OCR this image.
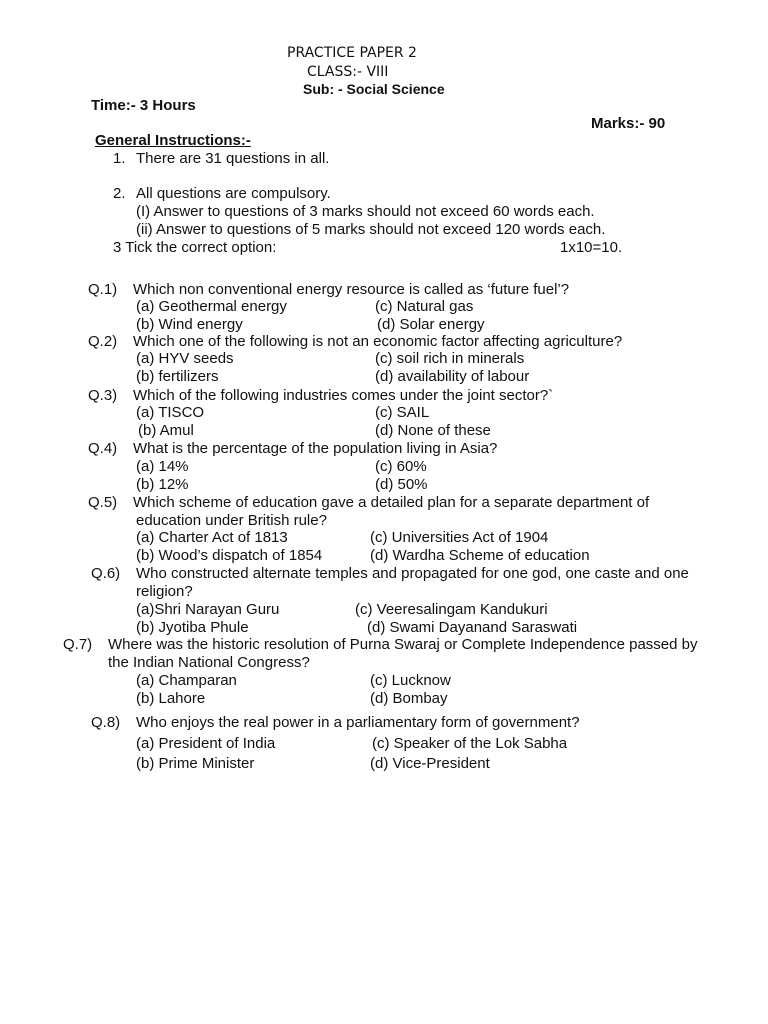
PRACTICE PAPER 2
CLASS:- VIII
Sub: - Social Science
Time:- 3 Hours
Marks:- 90
General Instructions:-
1. There are 31 questions in all.
2. All questions are compulsory.
(I) Answer to questions of 3 marks should not exceed 60 words each.
(ii) Answer to questions of 5 marks should not exceed 120 words each.
3 Tick the correct option:	1x10=10.
Q.1) Which non conventional energy resource is called as ‘future fuel’?
(a) Geothermal energy	(c) Natural gas
(b) Wind energy	(d) Solar energy
Q.2) Which one of the following is not an economic factor affecting agriculture?
(a) HYV seeds	(c) soil rich in minerals
(b) fertilizers	(d) availability of labour
Q.3) Which of the following industries comes under the joint sector?`
(a) TISCO	(c) SAIL
(b) Amul	(d) None of these
Q.4) What is the percentage of the population living in Asia?
(a) 14%	(c) 60%
(b) 12%	(d) 50%
Q.5) Which scheme of education gave a detailed plan for a separate department of
education under British rule?
(a) Charter Act of 1813	(c) Universities Act of 1904
(b) Wood’s dispatch of 1854	(d) Wardha Scheme of education
Q.6) Who constructed alternate temples and propagated for one god, one caste and one
religion?
(a)Shri Narayan Guru	(c) Veeresalingam Kandukuri
(b) Jyotiba Phule	(d) Swami Dayanand Saraswati
Q.7) Where was the historic resolution of Purna Swaraj or Complete Independence passed by
the Indian National Congress?
(a) Champaran	(c) Lucknow
(b) Lahore	(d) Bombay
Q.8) Who enjoys the real power in a parliamentary form of government?
(a) President of India	(c) Speaker of the Lok Sabha
(b) Prime Minister	(d) Vice-President
